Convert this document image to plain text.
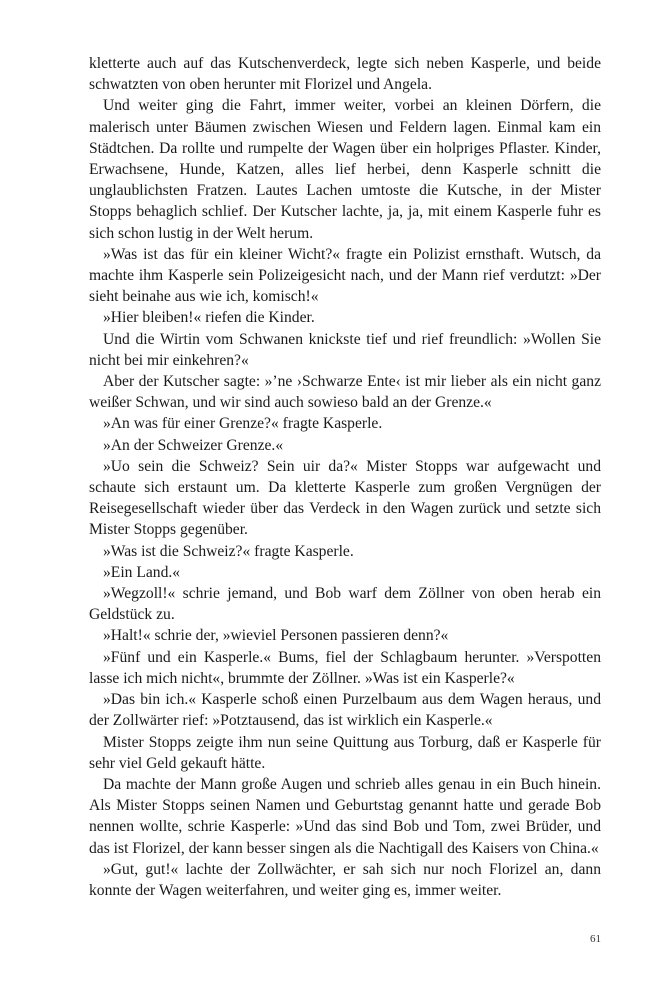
kletterte auch auf das Kutschenverdeck, legte sich neben Kasperle, und beide schwatzten von oben herunter mit Florizel und Angela.

Und weiter ging die Fahrt, immer weiter, vorbei an kleinen Dörfern, die malerisch unter Bäumen zwischen Wiesen und Feldern lagen. Einmal kam ein Städtchen. Da rollte und rumpelte der Wagen über ein holpriges Pflaster. Kinder, Erwachsene, Hunde, Katzen, alles lief herbei, denn Kasperle schnitt die unglaublichsten Fratzen. Lautes Lachen umtoste die Kutsche, in der Mister Stopps behaglich schlief. Der Kutscher lachte, ja, ja, mit einem Kasperle fuhr es sich schon lustig in der Welt herum.

»Was ist das für ein kleiner Wicht?« fragte ein Polizist ernsthaft. Wutsch, da machte ihm Kasperle sein Polizeigesicht nach, und der Mann rief verdutzt: »Der sieht beinahe aus wie ich, komisch!«

»Hier bleiben!« riefen die Kinder.

Und die Wirtin vom Schwanen knickste tief und rief freundlich: »Wollen Sie nicht bei mir einkehren?«

Aber der Kutscher sagte: »’ne ›Schwarze Ente‹ ist mir lieber als ein nicht ganz weißer Schwan, und wir sind auch sowieso bald an der Grenze.«

»An was für einer Grenze?« fragte Kasperle.

»An der Schweizer Grenze.«

»Uo sein die Schweiz? Sein uir da?« Mister Stopps war aufgewacht und schaute sich erstaunt um. Da kletterte Kasperle zum großen Vergnügen der Reisegesellschaft wieder über das Verdeck in den Wagen zurück und setzte sich Mister Stopps gegenüber.

»Was ist die Schweiz?« fragte Kasperle.

»Ein Land.«

»Wegzoll!« schrie jemand, und Bob warf dem Zöllner von oben herab ein Geldstück zu.

»Halt!« schrie der, »wieviel Personen passieren denn?«

»Fünf und ein Kasperle.« Bums, fiel der Schlagbaum herunter. »Verspotten lasse ich mich nicht«, brummte der Zöllner. »Was ist ein Kasperle?«

»Das bin ich.« Kasperle schoß einen Purzelbaum aus dem Wagen heraus, und der Zollwärter rief: »Potztausend, das ist wirklich ein Kasperle.«

Mister Stopps zeigte ihm nun seine Quittung aus Torburg, daß er Kasperle für sehr viel Geld gekauft hätte.

Da machte der Mann große Augen und schrieb alles genau in ein Buch hinein. Als Mister Stopps seinen Namen und Geburtstag genannt hatte und gerade Bob nennen wollte, schrie Kasperle: »Und das sind Bob und Tom, zwei Brüder, und das ist Florizel, der kann besser singen als die Nachtigall des Kaisers von China.«

»Gut, gut!« lachte der Zollwächter, er sah sich nur noch Florizel an, dann konnte der Wagen weiterfahren, und weiter ging es, immer weiter.

61
